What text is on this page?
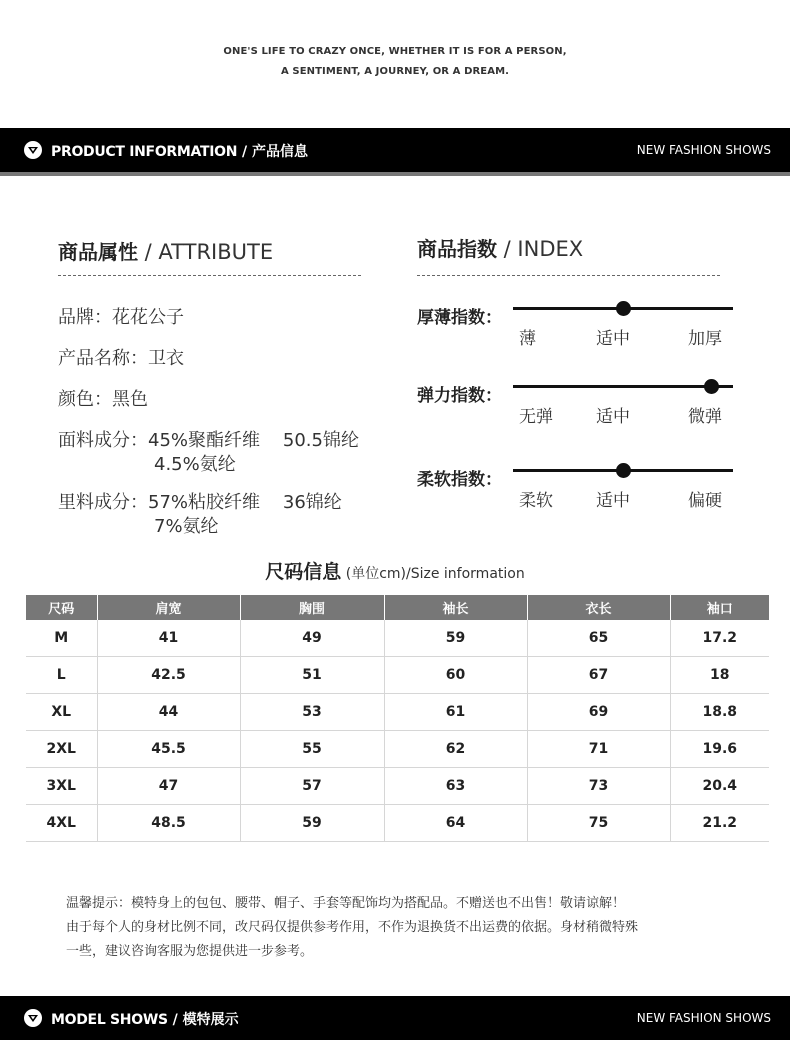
ONE'S LIFE TO CRAZY ONCE, WHETHER IT IS FOR A PERSON,
A SENTIMENT, A JOURNEY, OR A DREAM.
PRODUCT INFORMATION / 产品信息	NEW FASHION SHOWS
商品属性 / ATTRIBUTE
品牌：花花公子
产品名称：卫衣
颜色：黑色
面料成分：45%聚酯纤维    50.5锦纶
4.5%氨纶
里料成分：57%粘胶纤维    36锦纶
7%氨纶
商品指数 / INDEX
厚薄指数：
薄	适中	加厚
弹力指数：
无弹	适中	微弹
柔软指数：
柔软	适中	偏硬
尺码信息 (单位cm)/Size information
尺码	肩宽	胸围	袖长	衣长	袖口
M	41	49	59	65	17.2
L	42.5	51	60	67	18
XL	44	53	61	69	18.8
2XL	45.5	55	62	71	19.6
3XL	47	57	63	73	20.4
4XL	48.5	59	64	75	21.2
温馨提示：模特身上的包包、腰带、帽子、手套等配饰均为搭配品。不赠送也不出售！敬请谅解！
由于每个人的身材比例不同，改尺码仅提供参考作用，不作为退换货不出运费的依据。身材稍微特殊
一些，建议咨询客服为您提供进一步参考。
MODEL SHOWS / 模特展示	NEW FASHION SHOWS
